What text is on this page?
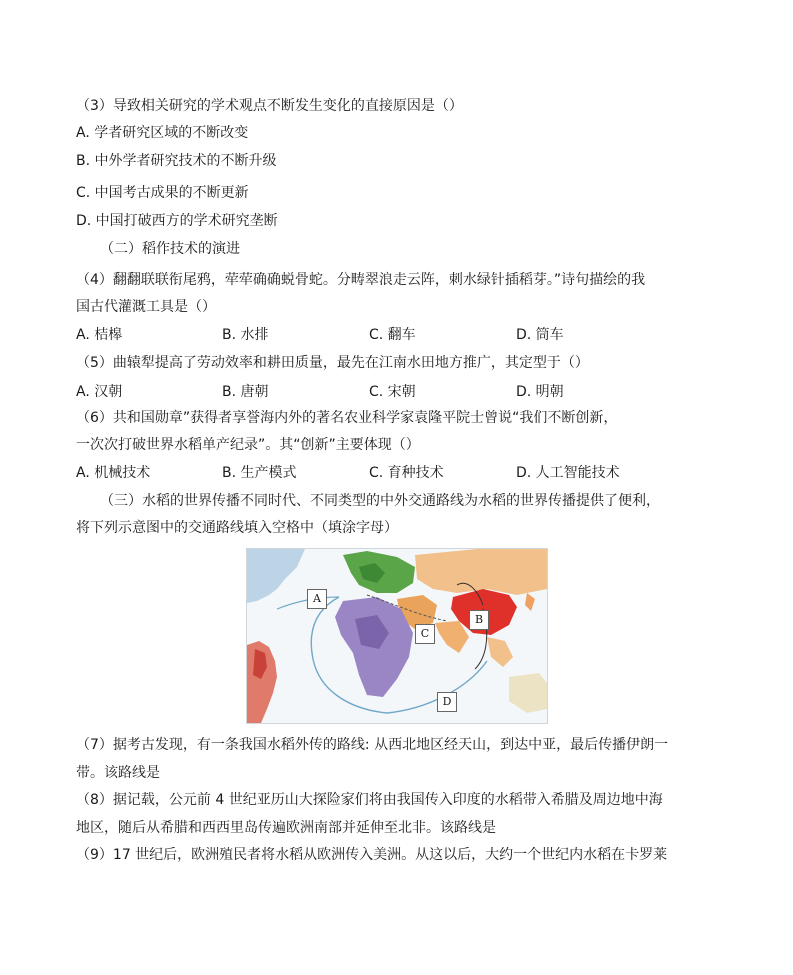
（3）导致相关研究的学术观点不断发生变化的直接原因是（）
A. 学者研究区域的不断改变
B. 中外学者研究技术的不断升级
C. 中国考古成果的不断更新
D. 中国打破西方的学术研究垄断
（二）稻作技术的演进
（4）翻翻联联衔尾鸦，荦荦确确蜕骨蛇。分畴翠浪走云阵，刺水绿针插稻芽。”诗句描绘的我
国古代灌溉工具是（）
A. 桔槔	B. 水排	C. 翻车	D. 筒车
（5）曲辕犁提高了劳动效率和耕田质量，最先在江南水田地方推广，其定型于（）
A. 汉朝	B. 唐朝	C. 宋朝	D. 明朝
（6）共和国勋章”获得者享誉海内外的著名农业科学家袁隆平院士曾说“我们不断创新，
一次次打破世界水稻单产纪录”。其“创新”主要体现（）
A. 机械技术	B. 生产模式	C. 育种技术	D. 人工智能技术
（三）水稻的世界传播不同时代、不同类型的中外交通路线为水稻的世界传播提供了便利，
将下列示意图中的交通路线填入空格中（填涂字母）
A
B
C
D
（7）据考古发现，有一条我国水稻外传的路线: 从西北地区经天山，到达中亚，最后传播伊朗一
带。该路线是
（8）据记载，公元前 4 世纪亚历山大探险家们将由我国传入印度的水稻带入希腊及周边地中海
地区，随后从希腊和西西里岛传遍欧洲南部并延伸至北非。该路线是
（9）17 世纪后，欧洲殖民者将水稻从欧洲传入美洲。从这以后，大约一个世纪内水稻在卡罗莱
